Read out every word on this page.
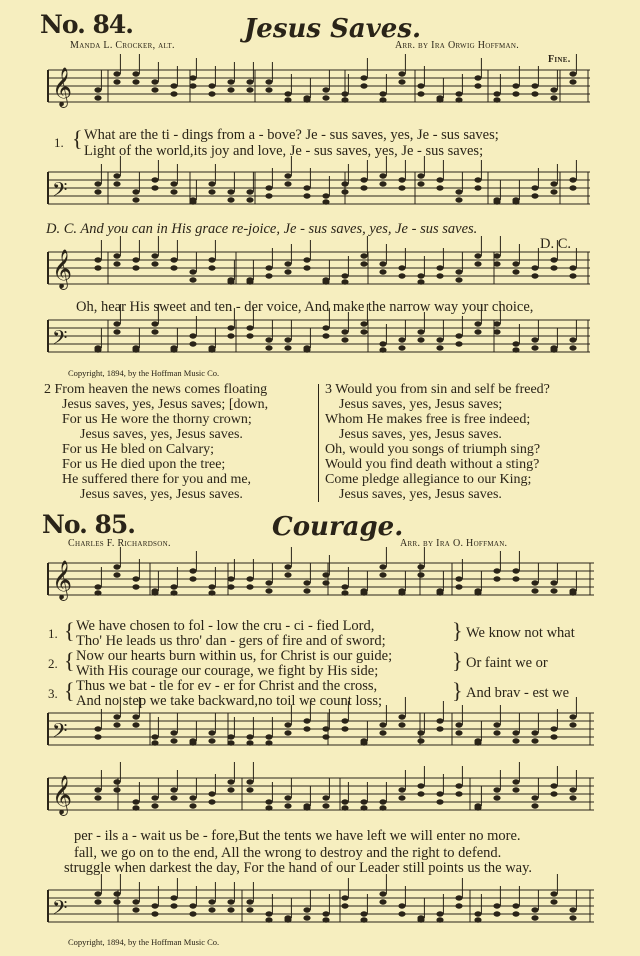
𝄞
𝄢
𝄞
𝄢
𝄞
𝄢
𝄞
𝄢
No. 84.	Jesus Saves.
Manda L. Crocker, alt.	Arr. by Ira Orwig Hoffman.
Fine.
1. { What are the ti - dings from a - bove? Je - sus saves, yes, Je - sus saves;
Light of the world,its joy and love, Je - sus saves, yes, Je - sus saves;
D. C. And you can in His grace re-joice, Je - sus saves, yes, Je - sus saves.
D. C.
Oh, hear His sweet and ten - der voice, And make the narrow way your choice,
Copyright, 1894, by the Hoffman Music Co.
2 From heaven the news comes floating
Jesus saves, yes, Jesus saves; [down,
For us He wore the thorny crown;
Jesus saves, yes, Jesus saves.
For us He bled on Calvary;
For us He died upon the tree;
He suffered there for you and me,
Jesus saves, yes, Jesus saves.
3 Would you from sin and self be freed?
Jesus saves, yes, Jesus saves;
Whom He makes free is free indeed;
Jesus saves, yes, Jesus saves.
Oh, would you songs of triumph sing?
Would you find death without a sting?
Come pledge allegiance to our King;
Jesus saves, yes, Jesus saves.
No. 85.	Courage.
Charles F. Richardson.	Arr. by Ira O. Hoffman.
1.
2.
3.
{
{
{
We have chosen to fol - low the cru - ci - fied Lord,
Tho' He leads us thro' dan - gers of fire and of sword;
Now our hearts burn within us, for Christ is our guide;
With His courage our courage, we fight by His side;
Thus we bat - tle for ev - er for Christ and the cross,
And no step we take backward,no toil we count loss;
}
}
}
We know not what
Or faint we or
And brav - est we
per - ils a - wait us be - fore,But the tents we have left we will enter no more.
fall, we go on to the end, All the wrong to destroy and the right to defend.
struggle when darkest the day, For the hand of our Leader still points us the way.
Copyright, 1894, by the Hoffman Music Co.
